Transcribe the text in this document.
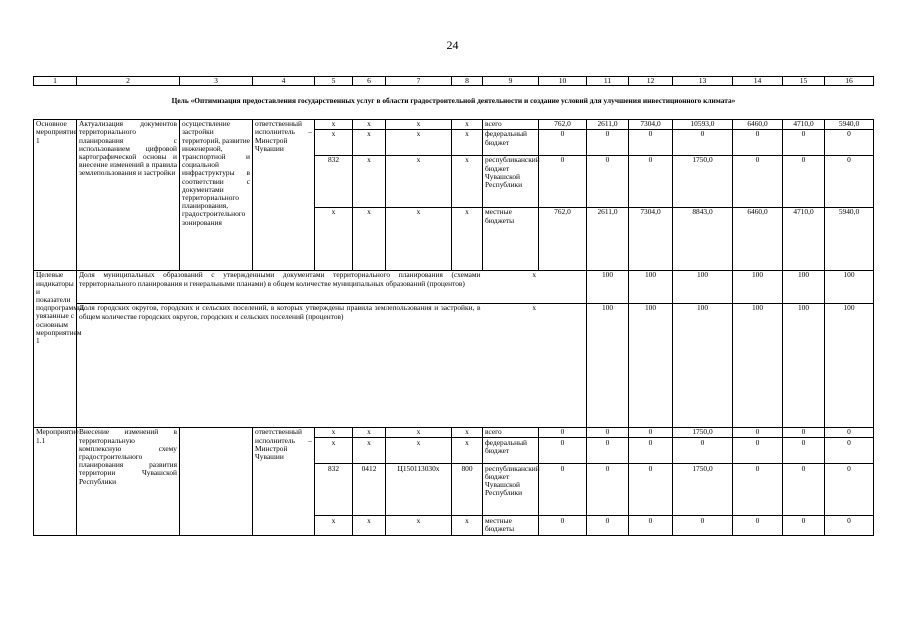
24
1	2	3	4	5	6	7	8	9	10	11	12	13	14	15	16	
Цель «Оптимизация предоставления государственных услуг в области градостроительной деятельности и создание условий для улучшения инвестиционного климата»																
Основное мероприятие 1	Актуализация документов территориального планирования с использованием цифровой картографической основы и внесение изменений в правила землепользования и застройки	осуществление застройки территорий, развитие инженерной, транспортной и социальной инфраструктуры в соответствии с документами территориального планирования, градостроительного зонирования	ответственный исполнитель – Минстрой Чувашии	x	x	x	x	всего	762,0	2611,0	7304,0	10593,0	6460,0	4710,0	5940,0	
				x	x	x	x	федеральный бюджет	0	0	0	0	0	0	0	
				832	x	x	x	республиканский бюджет Чувашской Республики	0	0	0	1750,0	0	0	0	
				x	x	x	x	местные бюджеты	762,0	2611,0	7304,0	8843,0	6460,0	4710,0	5940,0	
Целевые индикаторы и показатели подпрограммы, увязанные с основным мероприятием 1	Доля муниципальных образований с утвержденными документами территориального планирования (схемами территориального планирования и генеральными планами) в общем количестве муниципальных образований (процентов)							x		100	100	100	100	100	100	
	Доля городских округов, городских и сельских поселений, в которых утверждены правила землепользования и застройки, в общем количестве городских округов, городских и сельских поселений (процентов)							x		100	100	100	100	100	100	
Мероприятие 1.1	Внесение изменений в территориальную комплексную схему градостроительного планирования развития территории Чувашской Республики		ответственный исполнитель – Минстрой Чувашии	x	x	x	x	всего	0	0	0	1750,0	0	0	0	
				x	x	x	x	федеральный бюджет	0	0	0	0	0	0	0	
				832	0412	Ц150113030x	800	республиканский бюджет Чувашской Республики	0	0	0	1750,0	0	0	0	
				x	x	x	x	местные бюджеты	0	0	0	0	0	0	0	
